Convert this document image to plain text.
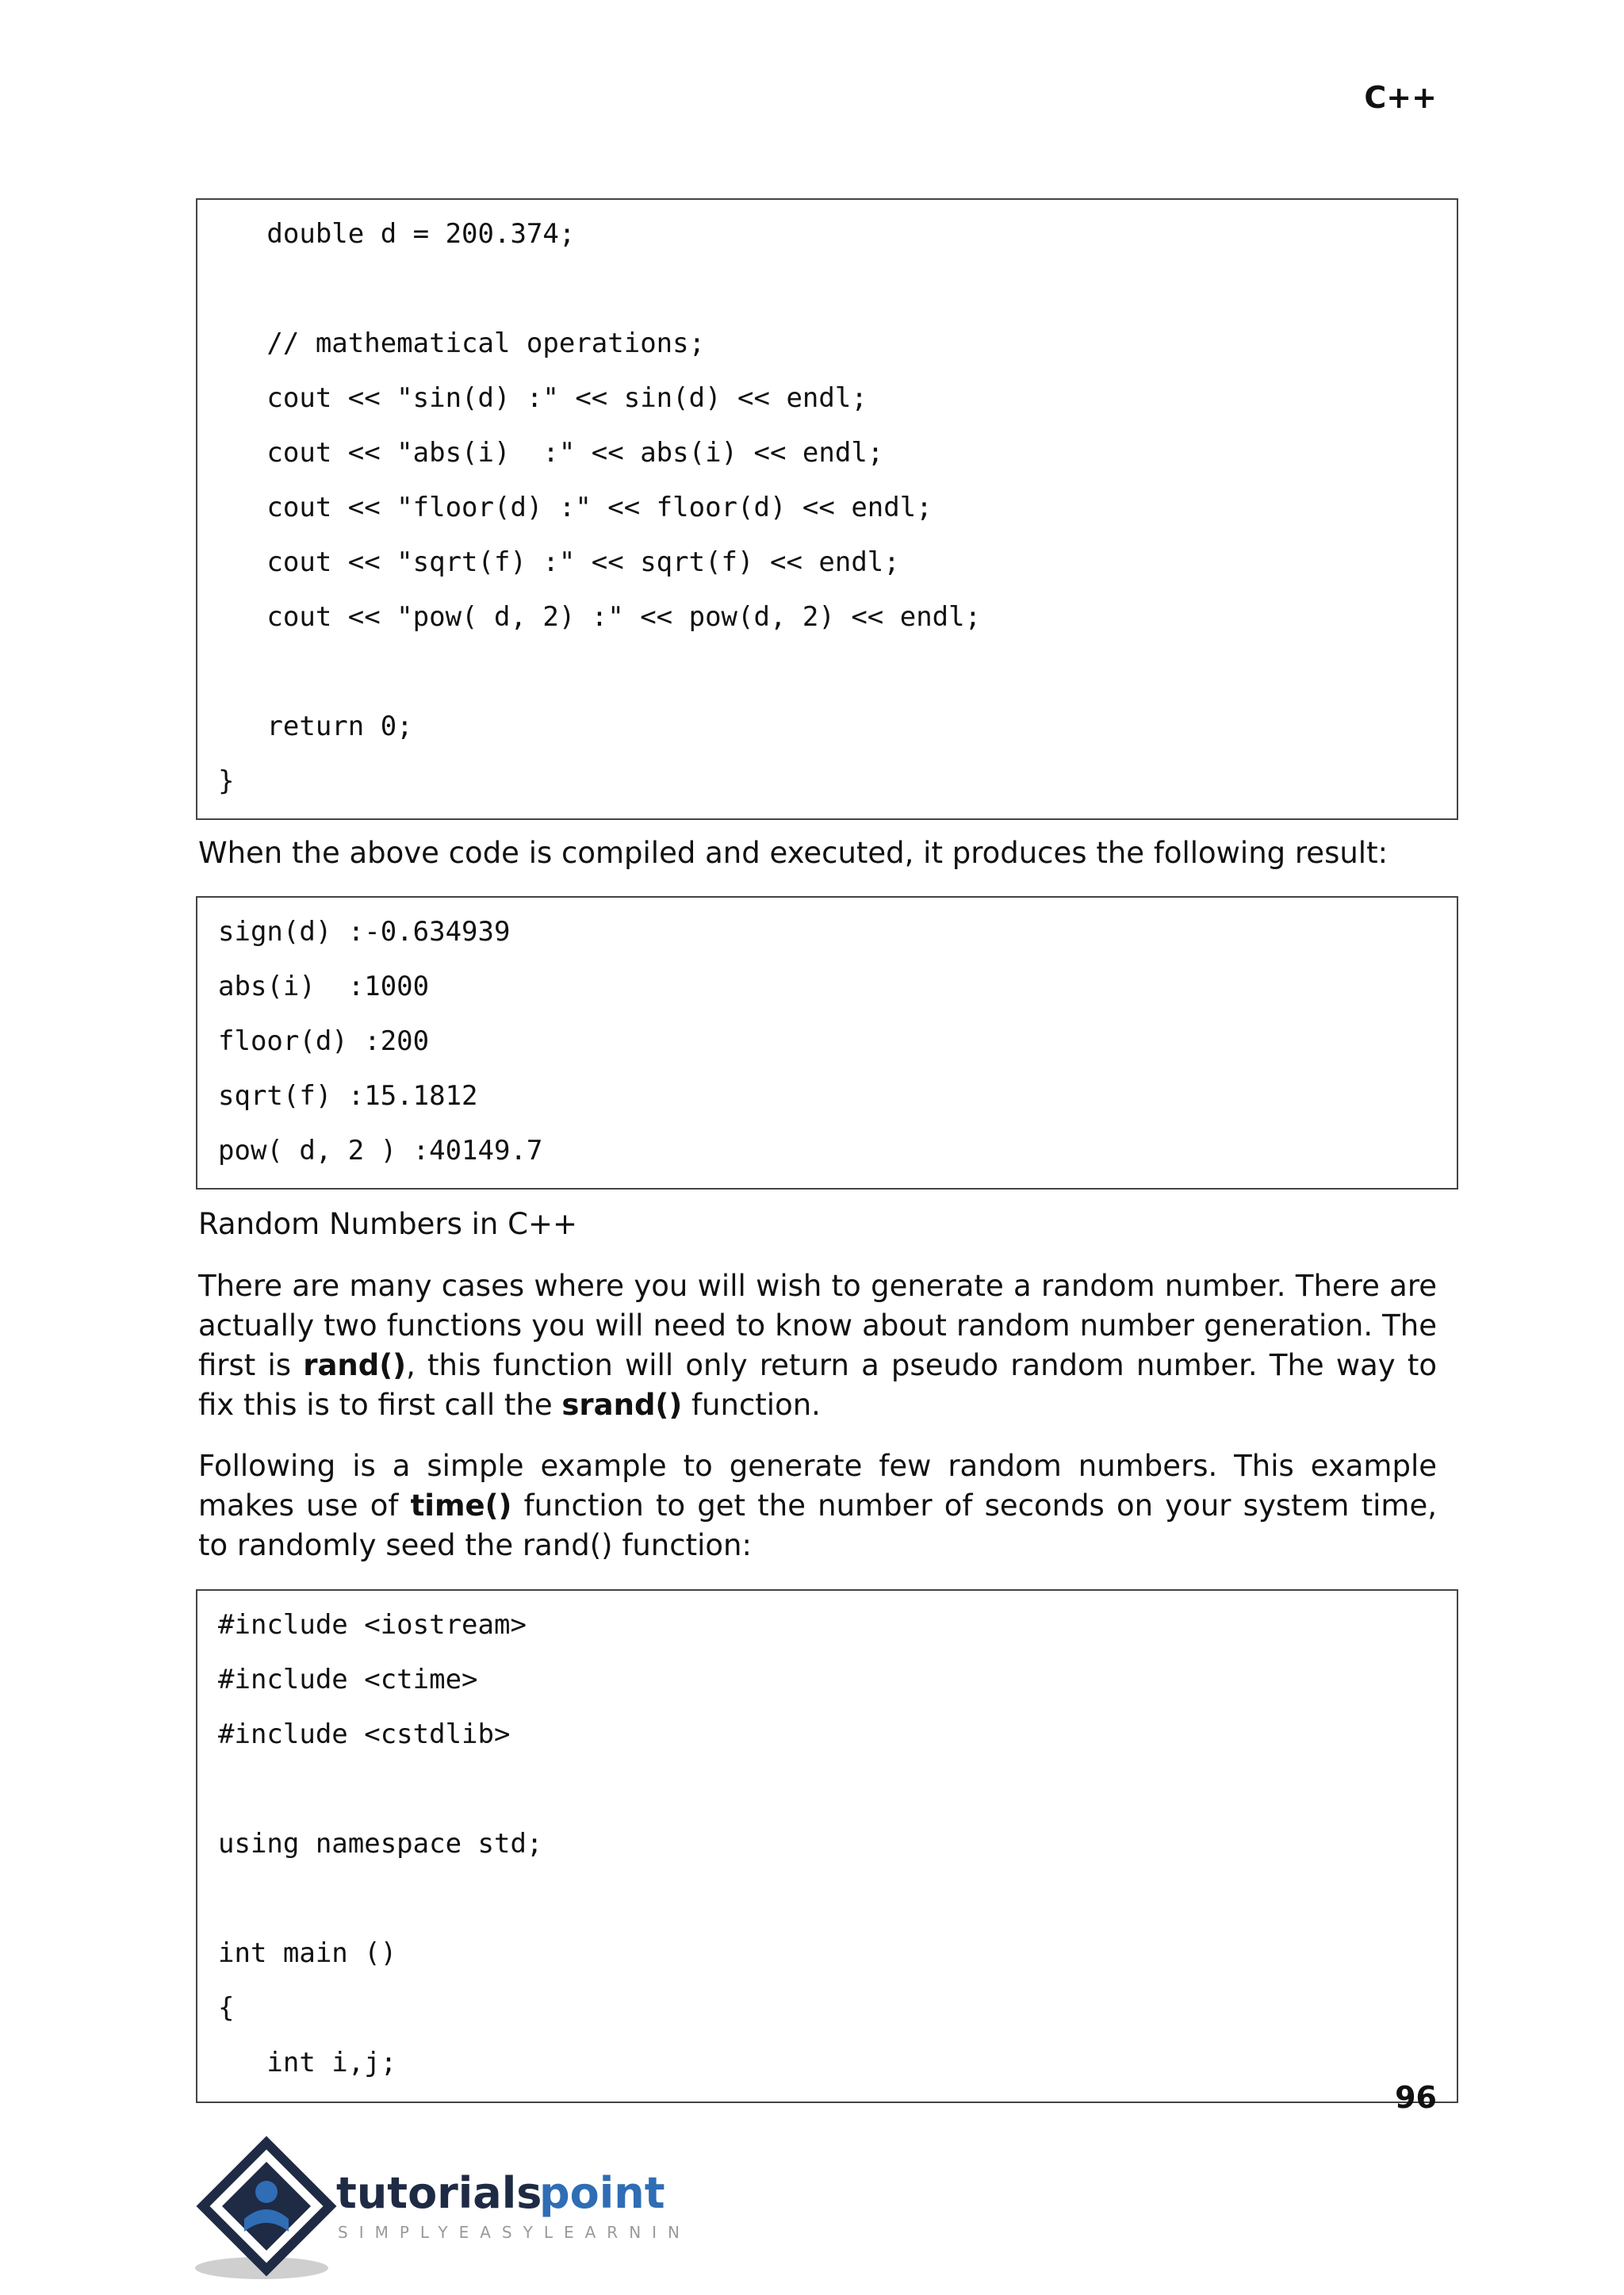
C++
double d = 200.374;
// mathematical operations;
cout << "sin(d) :" << sin(d) << endl;
cout << "abs(i)  :" << abs(i) << endl;
cout << "floor(d) :" << floor(d) << endl;
cout << "sqrt(f) :" << sqrt(f) << endl;
cout << "pow( d, 2) :" << pow(d, 2) << endl;
return 0;
}
When the above code is compiled and executed, it produces the following result:
sign(d) :-0.634939
abs(i)  :1000
floor(d) :200
sqrt(f) :15.1812
pow( d, 2 ) :40149.7
Random Numbers in C++
There are many cases where you will wish to generate a random number. There are actually two functions you will need to know about random number generation. The first is rand(), this function will only return a pseudo random number. The way to fix this is to first call the srand() function.
Following is a simple example to generate few random numbers. This example makes use of time() function to get the number of seconds on your system time, to randomly seed the rand() function:
#include <iostream>
#include <ctime>
#include <cstdlib>
using namespace std;
int main ()
{
int i,j;
96
tutorials
point
SIMPLYEASYLEARNING
